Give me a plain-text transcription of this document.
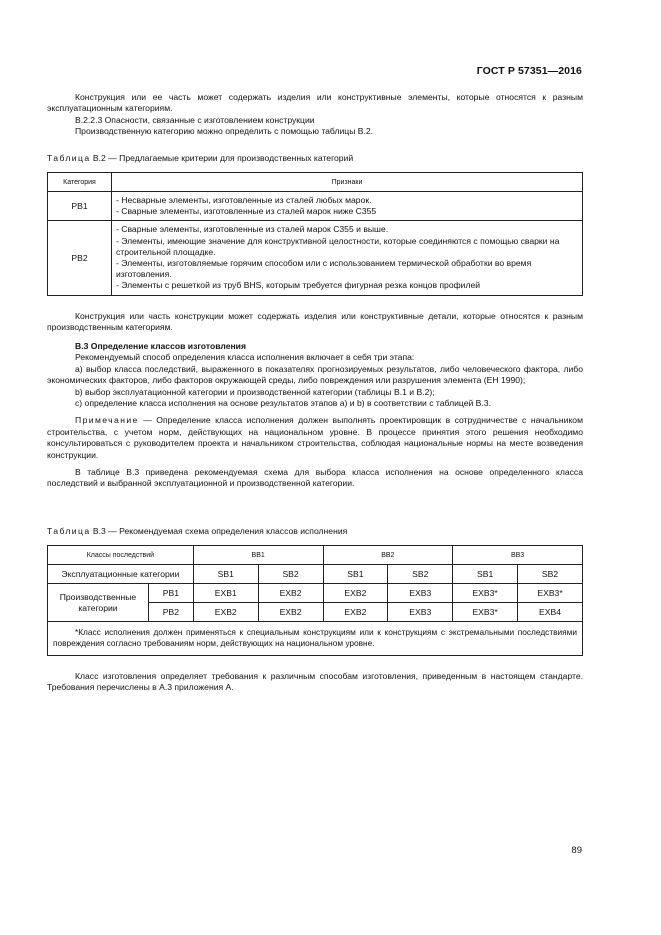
ГОСТ Р 57351—2016

Конструкция или ее часть может содержать изделия или конструктивные элементы, которые относятся к разным эксплуатационным категориям.

В.2.2.3 Опасности, связанные с изготовлением конструкции

Производственную категорию можно определить с помощью таблицы В.2.

Таблица В.2 — Предлагаемые критерии для производственных категорий
Категория	Признаки
РВ1	- Несварные элементы, изготовленные из сталей любых марок.
- Сварные элементы, изготовленные из сталей марок ниже С355

РВ2	- Сварные элементы, изготовленные из сталей марок С355 и выше.
- Элементы, имеющие значение для конструктивной целостности, которые соединяются с помощью сварки на строительной площадке.
- Элементы, изготовляемые горячим способом или с использованием термической обработки во время изготовления.
- Элементы с решеткой из труб BHS, которым требуется фигурная резка концов профилей

Конструкция или часть конструкции может содержать изделия или конструктивные детали, которые относятся к разным производственным категориям.

В.3 Определение классов изготовления

Рекомендуемый способ определения класса исполнения включает в себя три этапа:

а) выбор класса последствий, выраженного в показателях прогнозируемых результатов, либо человеческого фактора, либо экономических факторов, либо факторов окружающей среды, либо повреждения или разрушения элемента (ЕН 1990);

b) выбор эксплуатационной категории и производственной категории (таблицы В.1 и В.2);

c) определение класса исполнения на основе результатов этапов а) и b) в соответствии с таблицей В.3.

Примечание — Определение класса исполнения должен выполнять проектировщик в сотрудничестве с начальником строительства, с учетом норм, действующих на национальном уровне. В процессе принятия этого решения необходимо консультироваться с руководителем проекта и начальником строительства, соблюдая национальные нормы на месте возведения конструкции.

В таблице В.3 приведена рекомендуемая схема для выбора класса исполнения на основе определенного класса последствий и выбранной эксплуатационной и производственной категории.

Таблица В.3 — Рекомендуемая схема определения классов исполнения
Классы последствий		ВВ1		ВВ2		ВВ3	
Эксплуатационные категории		SB1	SB2	SB1	SB2	SB1	SB2
Производственные категории	РВ1	EXB1	EXB2	EXB2	EXB3	EXB3*	EXB3*
	РВ2	EXB2	EXB2	EXB2	EXB3	EXB3*	EXB4
*Класс исполнения должен применяться к специальным конструкциям или к конструкциям с экстремальными последствиями повреждения согласно требованиям норм, действующих на национальном уровне.							

Класс изготовления определяет требования к различным способам изготовления, приведенным в настоящем стандарте. Требования перечислены в А.3 приложения А.

89
